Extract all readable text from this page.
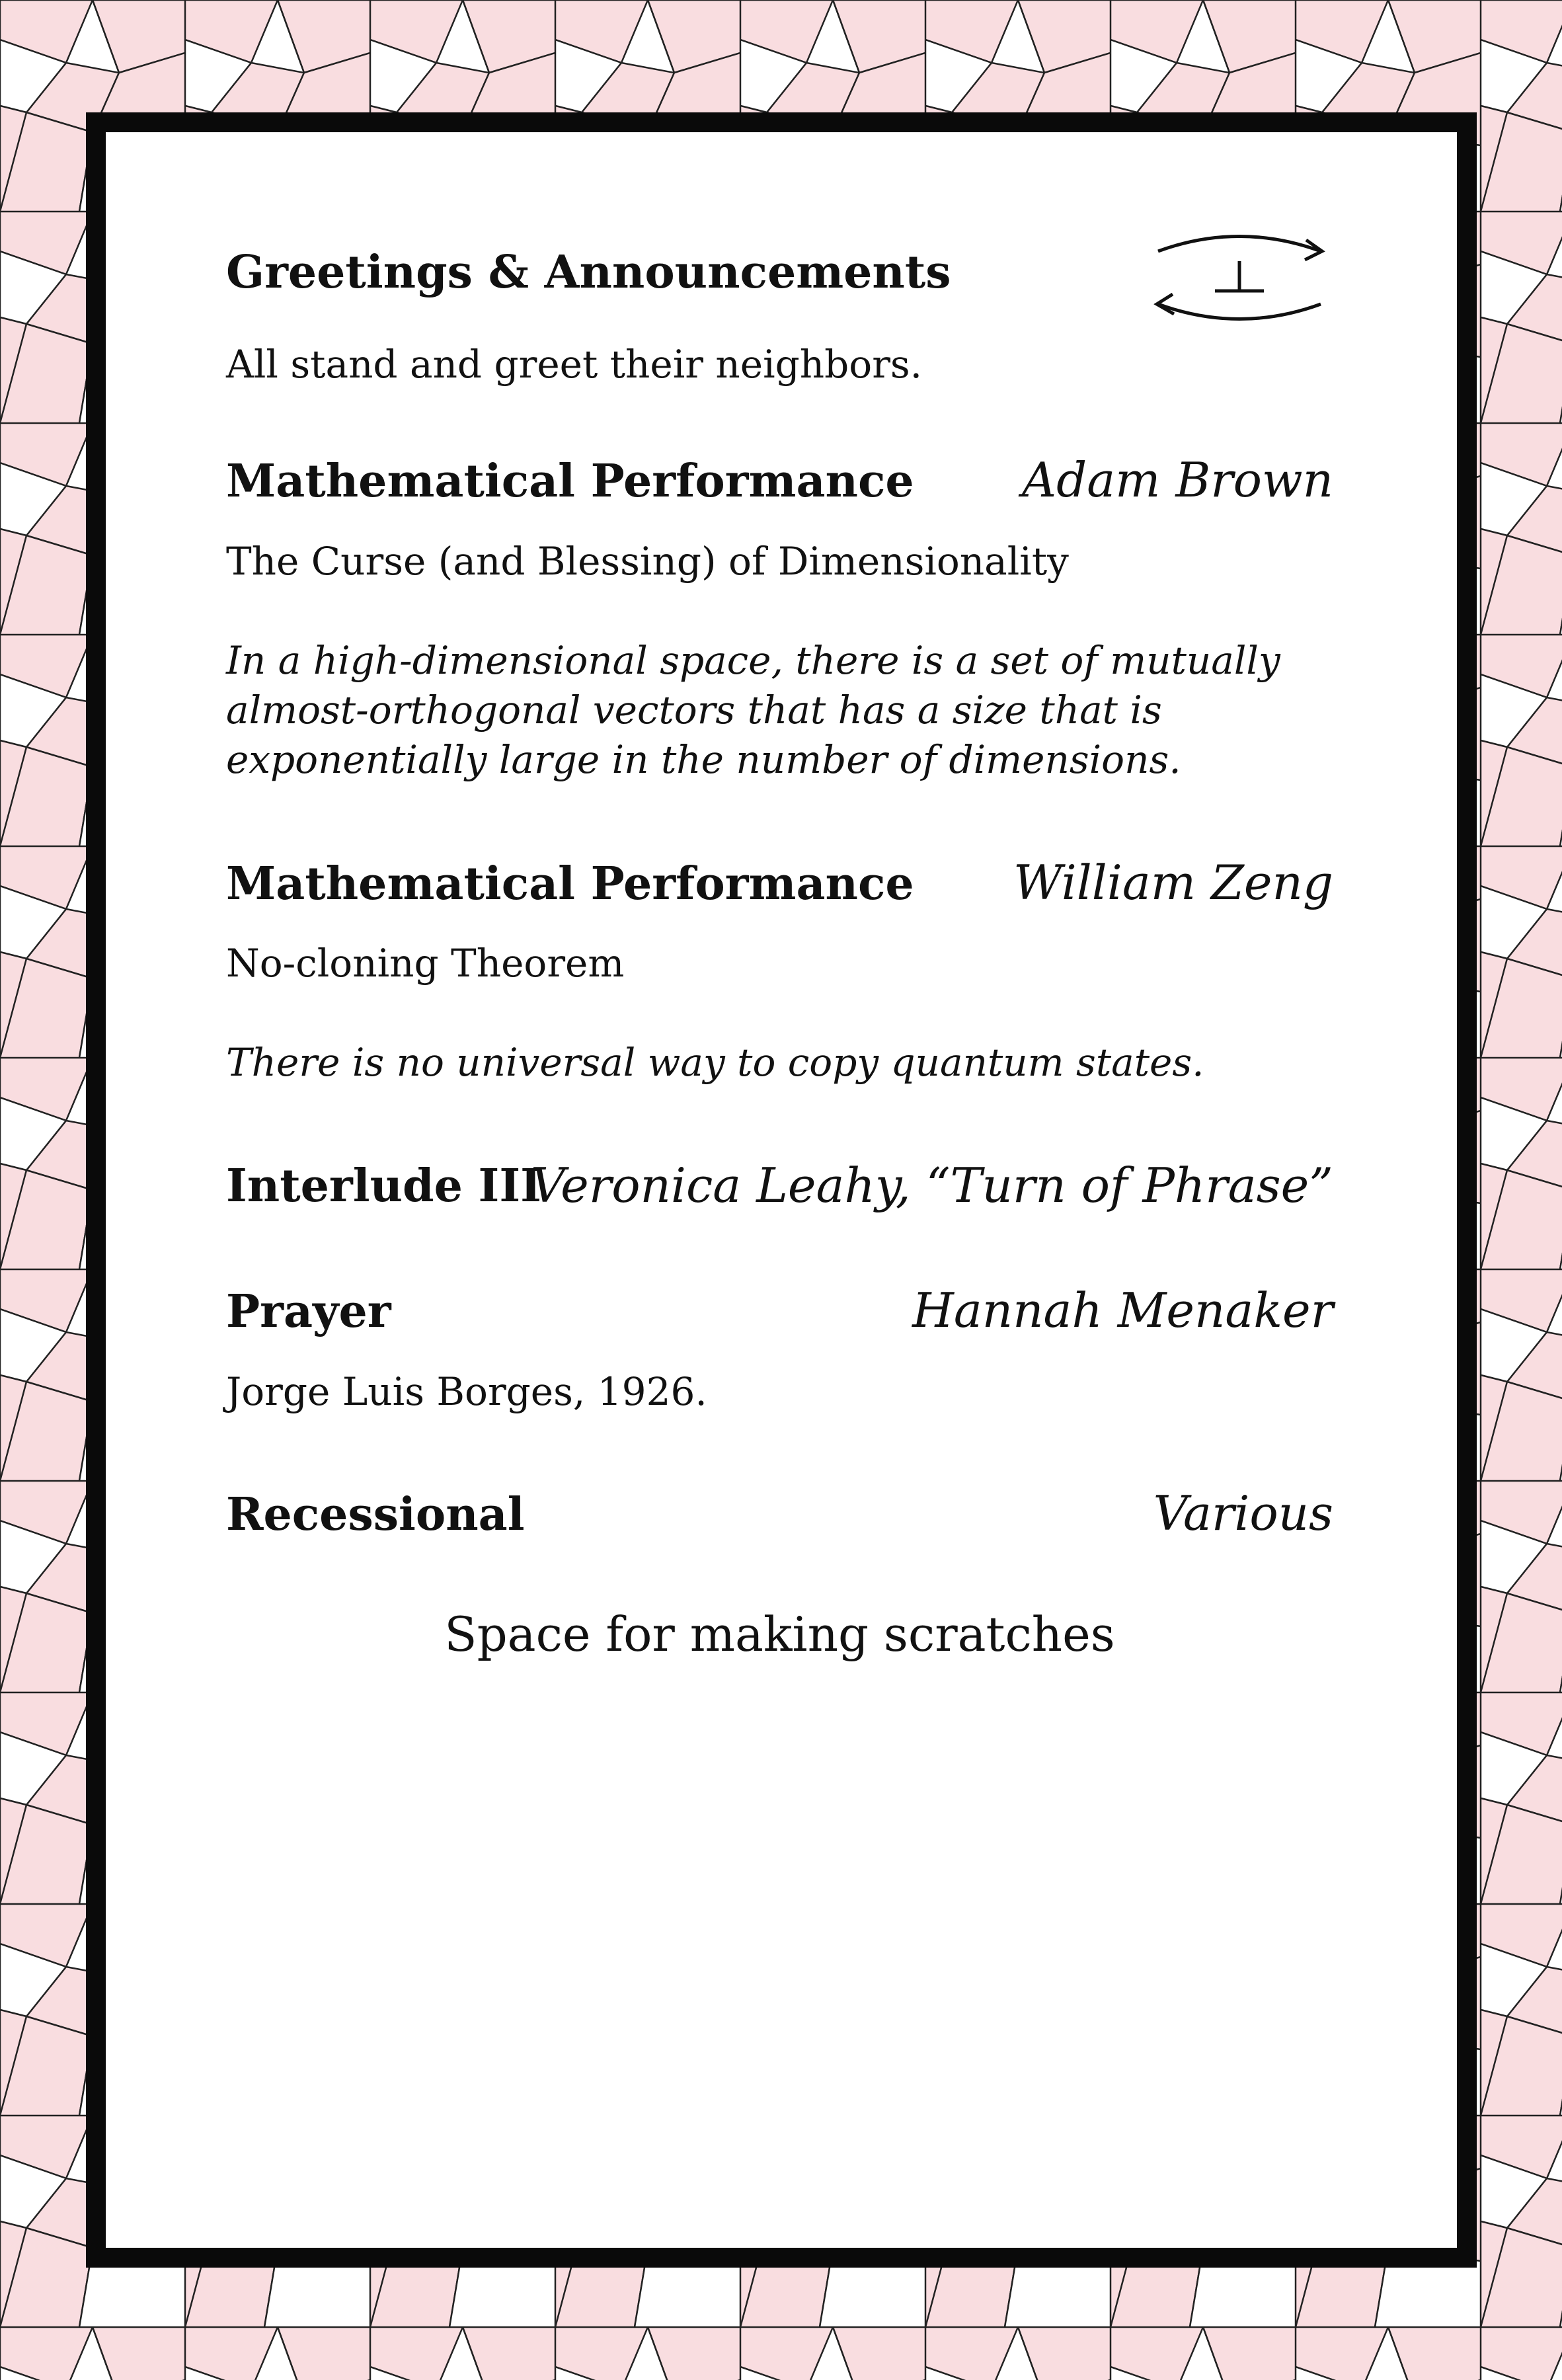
Greetings & Announcements
All stand and greet their neighbors.
Mathematical Performance Adam Brown
The Curse (and Blessing) of Dimensionality
In a high-dimensional space, there is a set of mutually almost-orthogonal vectors that has a size that is exponentially large in the number of dimensions.
Mathematical Performance William Zeng
No-cloning Theorem
There is no universal way to copy quantum states.
Interlude III
Veronica Leahy, “Turn of Phrase”
Prayer	Hannah Menaker
Jorge Luis Borges, 1926.
Recessional	Various
Space for making scratches
